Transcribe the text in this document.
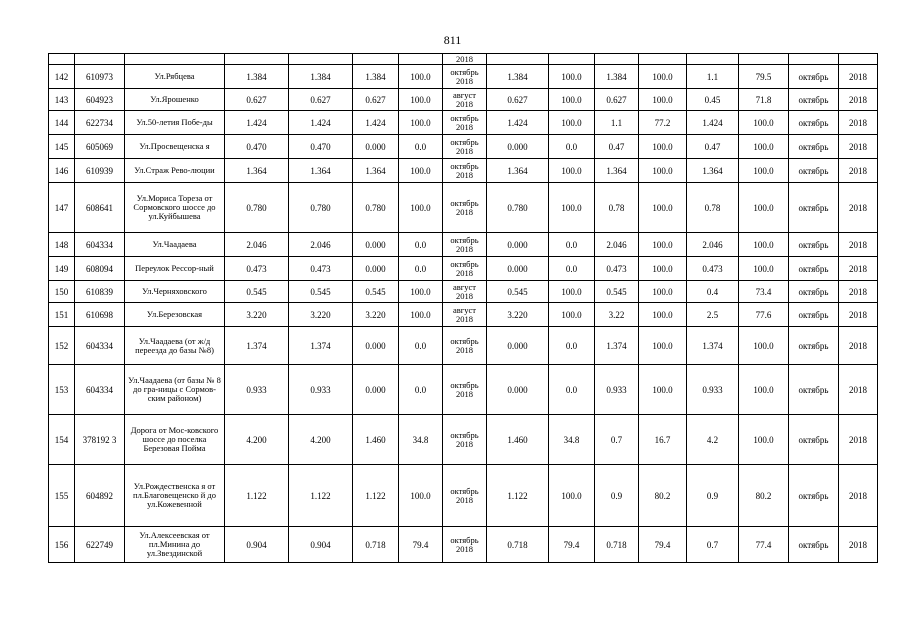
811
							2018								
142	610973	Ул.Рябцева	1.384	1.384	1.384	100.0	октябрь 2018	1.384	100.0	1.384	100.0	1.1	79.5	октябрь	2018
143	604923	Ул.Ярошенко	0.627	0.627	0.627	100.0	август 2018	0.627	100.0	0.627	100.0	0.45	71.8	октябрь	2018
144	622734	Ул.50-летия Побе-ды	1.424	1.424	1.424	100.0	октябрь 2018	1.424	100.0	1.1	77.2	1.424	100.0	октябрь	2018
145	605069	Ул.Просвещенска я	0.470	0.470	0.000	0.0	октябрь 2018	0.000	0.0	0.47	100.0	0.47	100.0	октябрь	2018
146	610939	Ул.Страж Рево-люции	1.364	1.364	1.364	100.0	октябрь 2018	1.364	100.0	1.364	100.0	1.364	100.0	октябрь	2018
147	608641	Ул.Мориса Тореза от Сормовского шоссе до ул.Куйбышева	0.780	0.780	0.780	100.0	октябрь 2018	0.780	100.0	0.78	100.0	0.78	100.0	октябрь	2018
148	604334	Ул.Чаадаева	2.046	2.046	0.000	0.0	октябрь 2018	0.000	0.0	2.046	100.0	2.046	100.0	октябрь	2018
149	608094	Переулок Рессор-ный	0.473	0.473	0.000	0.0	октябрь 2018	0.000	0.0	0.473	100.0	0.473	100.0	октябрь	2018
150	610839	Ул.Черняховского	0.545	0.545	0.545	100.0	август 2018	0.545	100.0	0.545	100.0	0.4	73.4	октябрь	2018
151	610698	Ул.Березовская	3.220	3.220	3.220	100.0	август 2018	3.220	100.0	3.22	100.0	2.5	77.6	октябрь	2018
152	604334	Ул.Чаадаева (от ж/д переезда до базы №8)	1.374	1.374	0.000	0.0	октябрь 2018	0.000	0.0	1.374	100.0	1.374	100.0	октябрь	2018
153	604334	Ул.Чаадаева (от базы № 8 до гра-ницы с Сормов-ским районом)	0.933	0.933	0.000	0.0	октябрь 2018	0.000	0.0	0.933	100.0	0.933	100.0	октябрь	2018
154	378192 3	Дорога от Мос-ковского шоссе до поселка Березовая Пойма	4.200	4.200	1.460	34.8	октябрь 2018	1.460	34.8	0.7	16.7	4.2	100.0	октябрь	2018
155	604892	Ул.Рождественска я от пл.Благовещенско й до ул.Кожевенной	1.122	1.122	1.122	100.0	октябрь 2018	1.122	100.0	0.9	80.2	0.9	80.2	октябрь	2018
156	622749	Ул.Алексеевская от пл.Минина до ул.Звездинской	0.904	0.904	0.718	79.4	октябрь 2018	0.718	79.4	0.718	79.4	0.7	77.4	октябрь	2018
